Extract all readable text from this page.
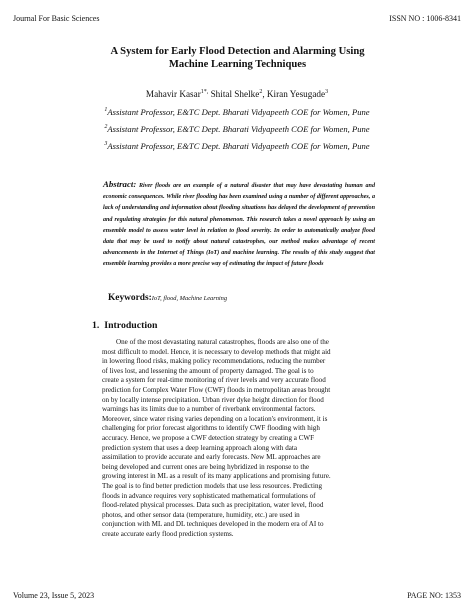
Journal For Basic Sciences	ISSN NO : 1006-8341
A System for Early Flood Detection and Alarming Using
Machine Learning Techniques
Mahavir Kasar$^{1*,}$ Shital Shelke$^2$, Kiran Yesugade$^3$
$^1$Assistant Professor, E&TC Dept. Bharati Vidyapeeth COE for Women, Pune
$^2$Assistant Professor, E&TC Dept. Bharati Vidyapeeth COE for Women, Pune
$^3$Assistant Professor, E&TC Dept. Bharati Vidyapeeth COE for Women, Pune
Abstract: River floods are an example of a natural disaster that may have devastating human and economic consequences. While river flooding has been examined using a number of different approaches, a lack of understanding and information about flooding situations has delayed the development of prevention and regulating strategies for this natural phenomenon. This research takes a novel approach by using an ensemble model to assess water level in relation to flood severity. In order to automatically analyze flood data that may be used to notify about natural catastrophes, our method makes advantage of recent advancements in the Internet of Things (IoT) and machine learning. The results of this study suggest that ensemble learning provides a more precise way of estimating the impact of future floods
Keywords:IoT, flood, Machine Learning
1. Introduction
One of the most devastating natural catastrophes, floods are also one of the
most difficult to model. Hence, it is necessary to develop methods that might aid
in lowering flood risks, making policy recommendations, reducing the number
of lives lost, and lessening the amount of property damaged. The goal is to
create a system for real-time monitoring of river levels and very accurate flood
prediction for Complex Water Flow (CWF) floods in metropolitan areas brought
on by locally intense precipitation. Urban river dyke height direction for flood
warnings has its limits due to a number of riverbank environmental factors.
Moreover, since water rising varies depending on a location's environment, it is
challenging for prior forecast algorithms to identify CWF flooding with high
accuracy. Hence, we propose a CWF detection strategy by creating a CWF
prediction system that uses a deep learning approach along with data
assimilation to provide accurate and early forecasts. New ML approaches are
being developed and current ones are being hybridized in response to the
growing interest in ML as a result of its many applications and promising future.
The goal is to find better prediction models that use less resources. Predicting
floods in advance requires very sophisticated mathematical formulations of
flood-related physical processes. Data such as precipitation, water level, flood
photos, and other sensor data (temperature, humidity, etc.) are used in
conjunction with ML and DL techniques developed in the modern era of AI to
create accurate early flood prediction systems.
Volume 23, Issue 5, 2023	PAGE NO: 1353
